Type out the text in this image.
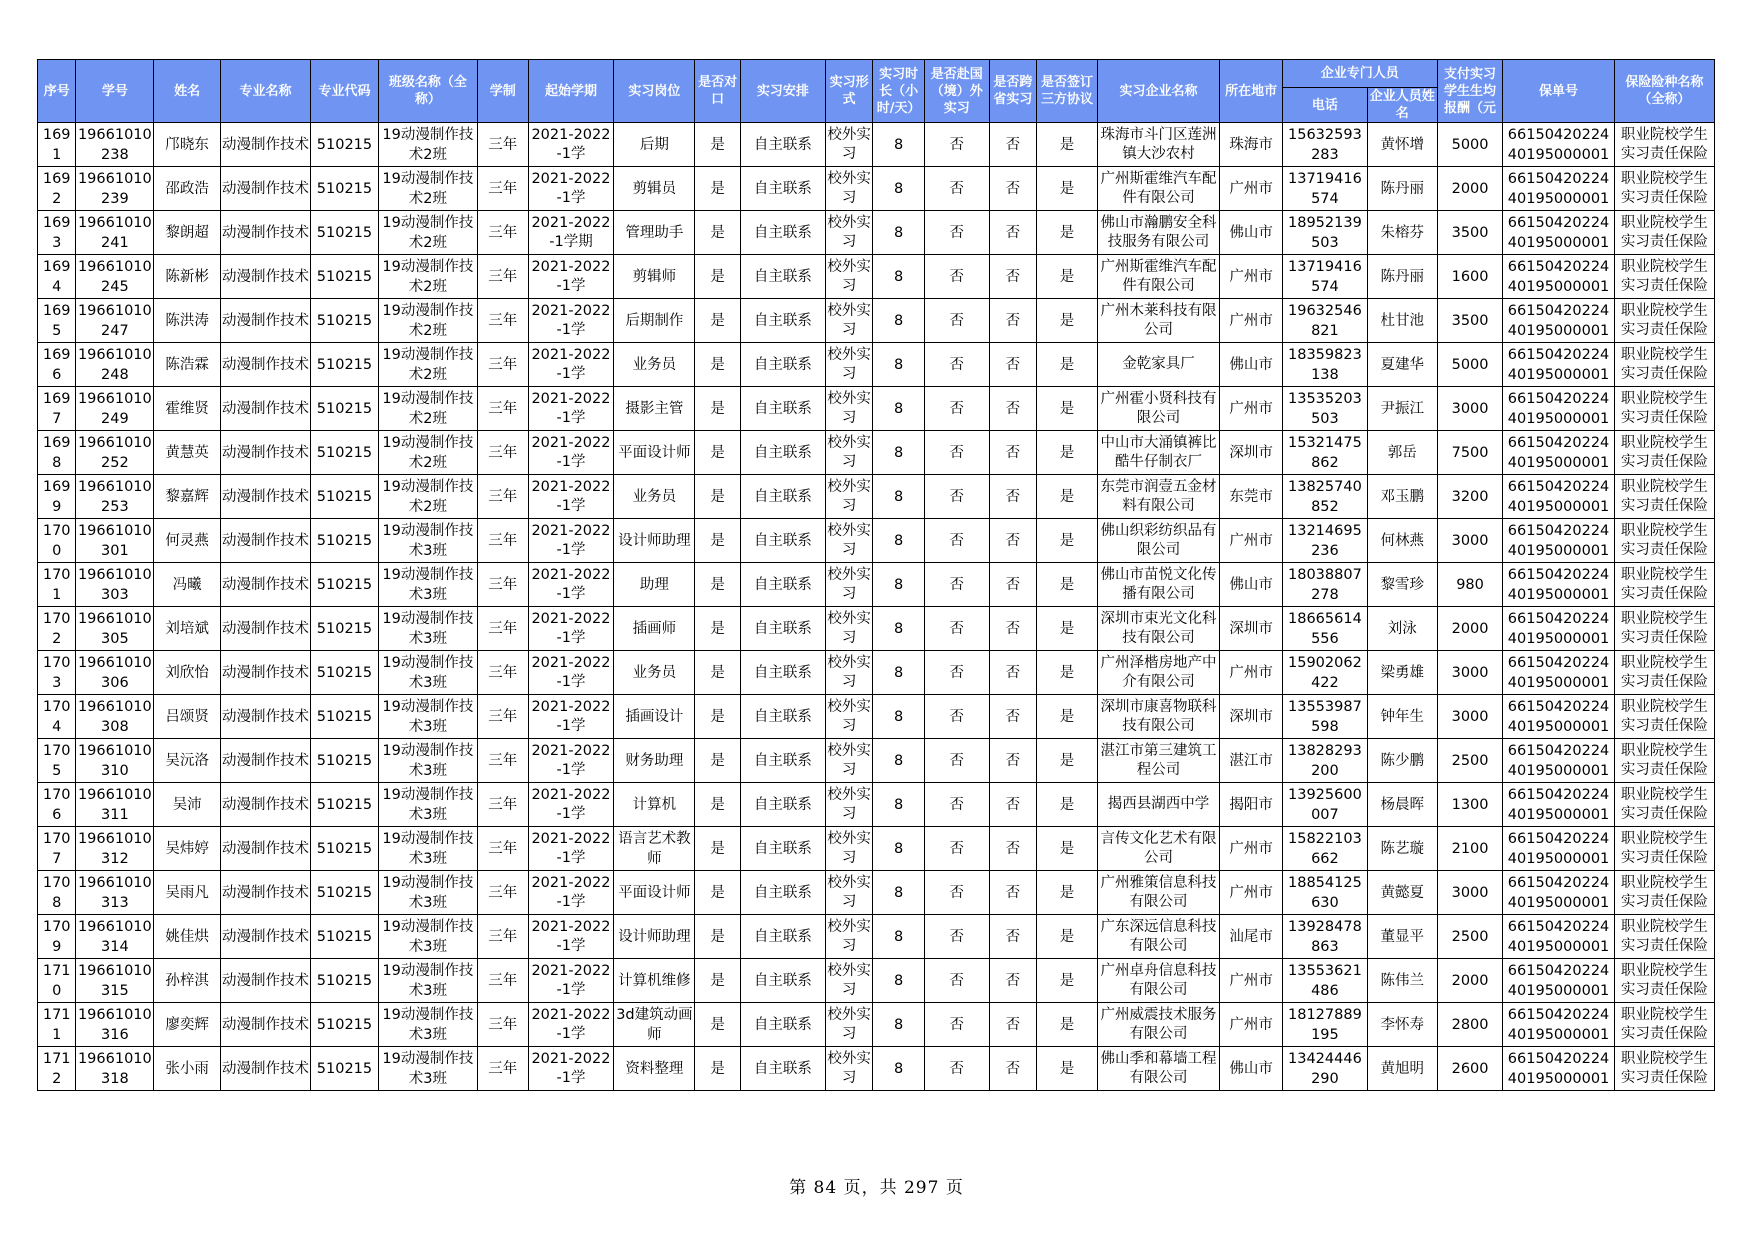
序号	学号	姓名	专业名称	专业代码	班级名称（全称）	学制	起始学期	实习岗位	是否对口	实习安排	实习形式	实习时长（小时/天）	是否赴国（境）外实习	是否跨省实习	是否签订三方协议	实习企业名称	所在地市	企业专门人员		支付实习学生生均报酬（元	保单号	保险险种名称（全称）
																		电话	企业人员姓名			
1691	19661010238	邝晓东	动漫制作技术	510215	19动漫制作技术2班	三年	2021-2022-1学	后期	是	自主联系	校外实习	8	否	否	是	珠海市斗门区莲洲镇大沙农村	珠海市	15632593283	黄怀增	5000	6615042022440195000001	职业院校学生实习责任保险

1692	19661010239	邵政浩	动漫制作技术	510215	19动漫制作技术2班	三年	2021-2022-1学	剪辑员	是	自主联系	校外实习	8	否	否	是	广州斯霍维汽车配件有限公司	广州市	13719416574	陈丹丽	2000	6615042022440195000001	职业院校学生实习责任保险

1693	19661010241	黎朗超	动漫制作技术	510215	19动漫制作技术2班	三年	2021-2022-1学期	管理助手	是	自主联系	校外实习	8	否	否	是	佛山市瀚鹏安全科技服务有限公司	佛山市	18952139503	朱榕芬	3500	6615042022440195000001	职业院校学生实习责任保险

1694	19661010245	陈新彬	动漫制作技术	510215	19动漫制作技术2班	三年	2021-2022-1学	剪辑师	是	自主联系	校外实习	8	否	否	是	广州斯霍维汽车配件有限公司	广州市	13719416574	陈丹丽	1600	6615042022440195000001	职业院校学生实习责任保险

1695	19661010247	陈洪涛	动漫制作技术	510215	19动漫制作技术2班	三年	2021-2022-1学	后期制作	是	自主联系	校外实习	8	否	否	是	广州木莱科技有限公司	广州市	19632546821	杜甘池	3500	6615042022440195000001	职业院校学生实习责任保险

1696	19661010248	陈浩霖	动漫制作技术	510215	19动漫制作技术2班	三年	2021-2022-1学	业务员	是	自主联系	校外实习	8	否	否	是	金乾家具厂	佛山市	18359823138	夏建华	5000	6615042022440195000001	职业院校学生实习责任保险

1697	19661010249	霍维贤	动漫制作技术	510215	19动漫制作技术2班	三年	2021-2022-1学	摄影主管	是	自主联系	校外实习	8	否	否	是	广州霍小贤科技有限公司	广州市	13535203503	尹振江	3000	6615042022440195000001	职业院校学生实习责任保险

1698	19661010252	黄慧英	动漫制作技术	510215	19动漫制作技术2班	三年	2021-2022-1学	平面设计师	是	自主联系	校外实习	8	否	否	是	中山市大涌镇裤比酷牛仔制衣厂	深圳市	15321475862	郭岳	7500	6615042022440195000001	职业院校学生实习责任保险

1699	19661010253	黎嘉辉	动漫制作技术	510215	19动漫制作技术2班	三年	2021-2022-1学	业务员	是	自主联系	校外实习	8	否	否	是	东莞市润壹五金材料有限公司	东莞市	13825740852	邓玉鹏	3200	6615042022440195000001	职业院校学生实习责任保险

1700	19661010301	何灵燕	动漫制作技术	510215	19动漫制作技术3班	三年	2021-2022-1学	设计师助理	是	自主联系	校外实习	8	否	否	是	佛山织彩纺织品有限公司	广州市	13214695236	何林燕	3000	6615042022440195000001	职业院校学生实习责任保险

1701	19661010303	冯曦	动漫制作技术	510215	19动漫制作技术3班	三年	2021-2022-1学	助理	是	自主联系	校外实习	8	否	否	是	佛山市苗悦文化传播有限公司	佛山市	18038807278	黎雪珍	980	6615042022440195000001	职业院校学生实习责任保险

1702	19661010305	刘培斌	动漫制作技术	510215	19动漫制作技术3班	三年	2021-2022-1学	插画师	是	自主联系	校外实习	8	否	否	是	深圳市束光文化科技有限公司	深圳市	18665614556	刘泳	2000	6615042022440195000001	职业院校学生实习责任保险

1703	19661010306	刘欣怡	动漫制作技术	510215	19动漫制作技术3班	三年	2021-2022-1学	业务员	是	自主联系	校外实习	8	否	否	是	广州泽楷房地产中介有限公司	广州市	15902062422	梁勇雄	3000	6615042022440195000001	职业院校学生实习责任保险

1704	19661010308	吕颂贤	动漫制作技术	510215	19动漫制作技术3班	三年	2021-2022-1学	插画设计	是	自主联系	校外实习	8	否	否	是	深圳市康喜物联科技有限公司	深圳市	13553987598	钟年生	3000	6615042022440195000001	职业院校学生实习责任保险

1705	19661010310	吴沅洛	动漫制作技术	510215	19动漫制作技术3班	三年	2021-2022-1学	财务助理	是	自主联系	校外实习	8	否	否	是	湛江市第三建筑工程公司	湛江市	13828293200	陈少鹏	2500	6615042022440195000001	职业院校学生实习责任保险

1706	19661010311	吴沛	动漫制作技术	510215	19动漫制作技术3班	三年	2021-2022-1学	计算机	是	自主联系	校外实习	8	否	否	是	揭西县湖西中学	揭阳市	13925600007	杨晨晖	1300	6615042022440195000001	职业院校学生实习责任保险

1707	19661010312	吴炜婷	动漫制作技术	510215	19动漫制作技术3班	三年	2021-2022-1学	语言艺术教师	是	自主联系	校外实习	8	否	否	是	言传文化艺术有限公司	广州市	15822103662	陈艺璇	2100	6615042022440195000001	职业院校学生实习责任保险

1708	19661010313	吴雨凡	动漫制作技术	510215	19动漫制作技术3班	三年	2021-2022-1学	平面设计师	是	自主联系	校外实习	8	否	否	是	广州雅策信息科技有限公司	广州市	18854125630	黄懿夏	3000	6615042022440195000001	职业院校学生实习责任保险

1709	19661010314	姚佳烘	动漫制作技术	510215	19动漫制作技术3班	三年	2021-2022-1学	设计师助理	是	自主联系	校外实习	8	否	否	是	广东深远信息科技有限公司	汕尾市	13928478863	董显平	2500	6615042022440195000001	职业院校学生实习责任保险

1710	19661010315	孙梓淇	动漫制作技术	510215	19动漫制作技术3班	三年	2021-2022-1学	计算机维修	是	自主联系	校外实习	8	否	否	是	广州卓舟信息科技有限公司	广州市	13553621486	陈伟兰	2000	6615042022440195000001	职业院校学生实习责任保险

1711	19661010316	廖奕辉	动漫制作技术	510215	19动漫制作技术3班	三年	2021-2022-1学	3d建筑动画师	是	自主联系	校外实习	8	否	否	是	广州威震技术服务有限公司	广州市	18127889195	李怀寿	2800	6615042022440195000001	职业院校学生实习责任保险

1712	19661010318	张小雨	动漫制作技术	510215	19动漫制作技术3班	三年	2021-2022-1学	资料整理	是	自主联系	校外实习	8	否	否	是	佛山季和幕墙工程有限公司	佛山市	13424446290	黄旭明	2600	6615042022440195000001	职业院校学生实习责任保险
第 84 页，共 297 页
